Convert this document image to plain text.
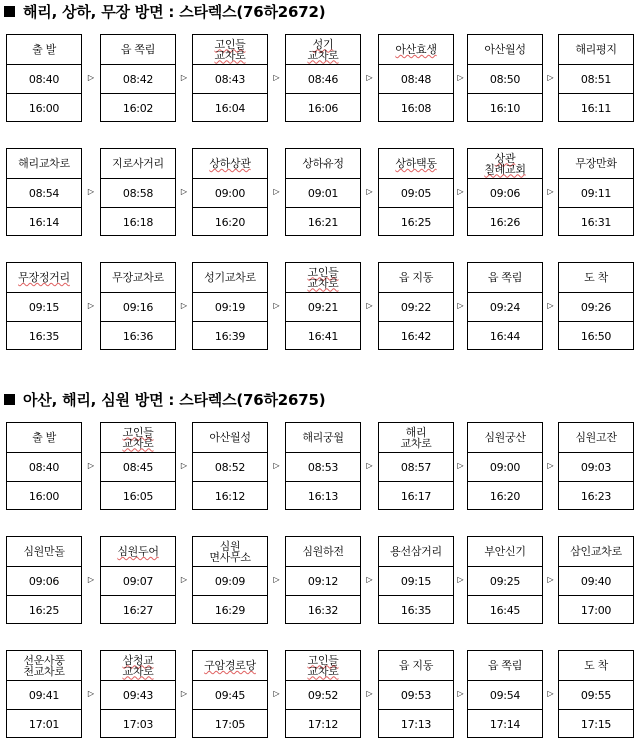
해리, 상하, 무장 방면 : 스타렉스(76하2672)
출 발
08:40
16:00
▷
읍 쪽림
08:42
16:02
▷
고인들
교차로
08:43
16:04
▷
성기
교차로
08:46
16:06
▷
아산효생
08:48
16:08
▷
아산월성
08:50
16:10
▷
해리평지
08:51
16:11
해리교차로
08:54
16:14
▷
지로사거리
08:58
16:18
▷
상하상관
09:00
16:20
▷
상하유정
09:01
16:21
▷
상하택동
09:05
16:25
▷
상관
칠례교회
09:06
16:26
▷
무장만화
09:11
16:31
무장정거리
09:15
16:35
▷
무장교차로
09:16
16:36
▷
성기교차로
09:19
16:39
▷
고인들
교차로
09:21
16:41
▷
읍 지동
09:22
16:42
▷
읍 쪽림
09:24
16:44
▷
도 착
09:26
16:50
아산, 해리, 심원 방면 : 스타렉스(76하2675)
출 발
08:40
16:00
▷
고인들
교차로
08:45
16:05
▷
아산월성
08:52
16:12
▷
해리궁월
08:53
16:13
▷
해리
교차로
08:57
16:17
▷
심원궁산
09:00
16:20
▷
심원고잔
09:03
16:23
심원만돌
09:06
16:25
▷
심원두어
09:07
16:27
▷
심원
면사무소
09:09
16:29
▷
심원하전
09:12
16:32
▷
용선삼거리
09:15
16:35
▷
부안신기
09:25
16:45
▷
삼인교차로
09:40
17:00
선운사풍
천교차로
09:41
17:01
▷
삼청교
교차로
09:43
17:03
▷
구암경로당
09:45
17:05
▷
고인들
교차로
09:52
17:12
▷
읍 지동
09:53
17:13
▷
읍 쪽림
09:54
17:14
▷
도 착
09:55
17:15
